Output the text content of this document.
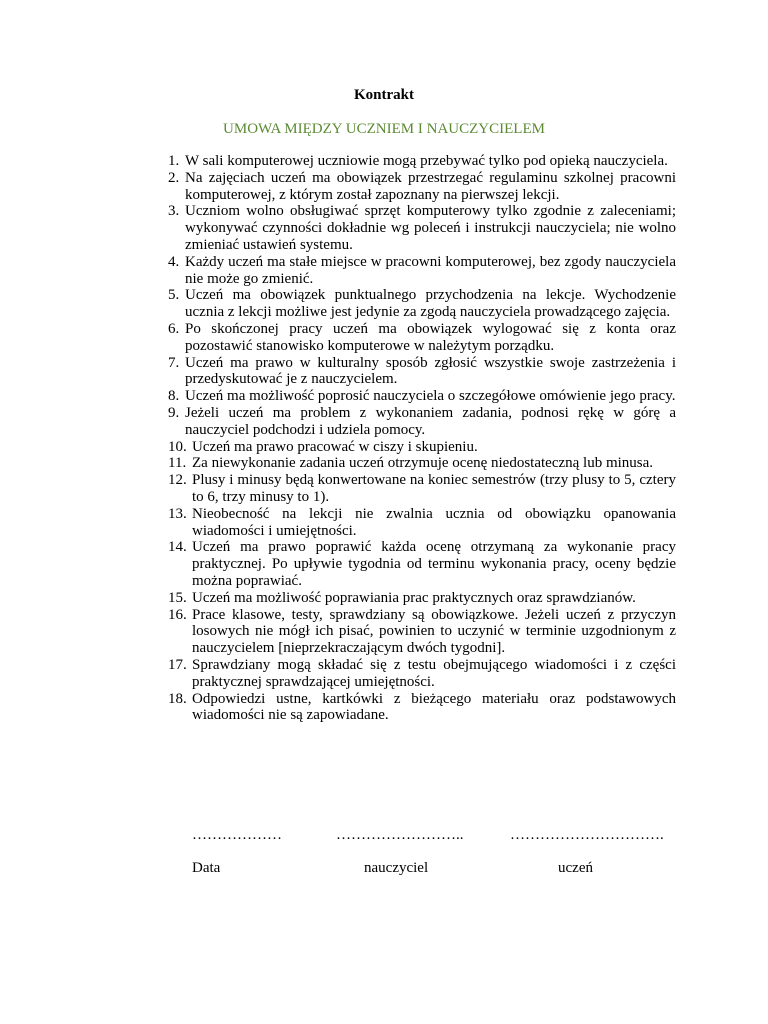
Kontrakt
UMOWA MIĘDZY UCZNIEM I NAUCZYCIELEM
1. W sali komputerowej uczniowie mogą przebywać tylko pod opieką nauczyciela.
2. Na zajęciach uczeń ma obowiązek przestrzegać regulaminu szkolnej pracowni komputerowej, z którym został zapoznany na pierwszej lekcji.
3. Uczniom wolno obsługiwać sprzęt komputerowy tylko zgodnie z zaleceniami; wykonywać czynności dokładnie wg poleceń i instrukcji nauczyciela; nie wolno zmieniać ustawień systemu.
4. Każdy uczeń ma stałe miejsce w pracowni komputerowej, bez zgody nauczyciela nie może go zmienić.
5. Uczeń ma obowiązek punktualnego przychodzenia na lekcje. Wychodzenie ucznia z lekcji możliwe jest jedynie za zgodą nauczyciela prowadzącego zajęcia.
6. Po skończonej pracy uczeń ma obowiązek wylogować się z konta oraz pozostawić stanowisko komputerowe w należytym porządku.
7. Uczeń ma prawo w kulturalny sposób zgłosić wszystkie swoje zastrzeżenia i przedyskutować je z nauczycielem.
8. Uczeń ma możliwość poprosić nauczyciela o szczegółowe omówienie jego pracy.
9. Jeżeli uczeń ma problem z wykonaniem zadania, podnosi rękę w górę a nauczyciel podchodzi i udziela pomocy.
10. Uczeń ma prawo pracować w ciszy i skupieniu.
11. Za niewykonanie zadania uczeń otrzymuje ocenę niedostateczną lub minusa.
12. Plusy i minusy będą konwertowane na koniec semestrów (trzy plusy to 5, cztery to 6, trzy minusy to 1).
13. Nieobecność na lekcji nie zwalnia ucznia od obowiązku opanowania wiadomości i umiejętności.
14. Uczeń ma prawo poprawić każda ocenę otrzymaną za wykonanie pracy praktycznej. Po upływie tygodnia od terminu wykonania pracy, oceny będzie można poprawiać.
15. Uczeń ma możliwość poprawiania prac praktycznych oraz sprawdzianów.
16. Prace klasowe, testy, sprawdziany są obowiązkowe. Jeżeli uczeń z przyczyn losowych nie mógł ich pisać, powinien to uczynić w terminie uzgodnionym z nauczycielem [nieprzekraczającym dwóch tygodni].
17. Sprawdziany mogą składać się z testu obejmującego wiadomości i z części praktycznej sprawdzającej umiejętności.
18. Odpowiedzi ustne, kartkówki z bieżącego materiału oraz podstawowych wiadomości nie są zapowiadane.
………………	……………………..	………………………….
Data	nauczyciel	uczeń
